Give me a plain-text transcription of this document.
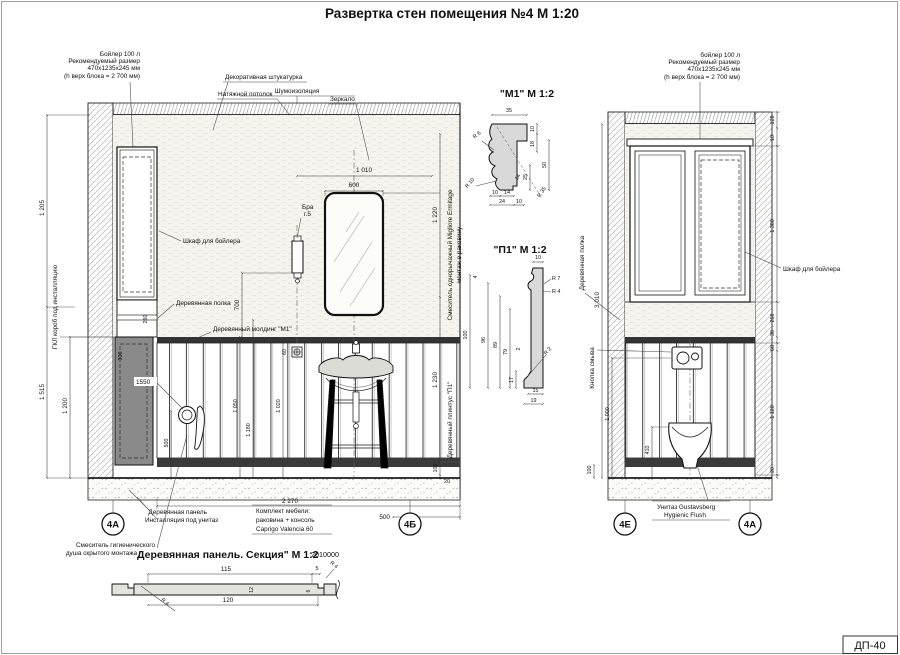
ДП-40
Развертка стен помещения №4 М 1:20
260
300	60
1 205
1 515
1 200
ГКЛ короб под инсталляцию
1 010
600
700
1 220
1 230
100
20
Смеситель однорычажный Migliore Ermitage монтаж в раковину
Деревянный плинтус "П1"
500
1 050
1 180
1 020
1550
2 270
500
Бойлер 100 л
Рекомендуемый размер
470х1235х245 мм
(h верх блока = 2 700 мм)
Шумоизоляция
Декоративная штукатурка
Натяжной потолок
Зеркало
Шкаф для бойлера
Деревянная полка
Деревянный молдинг "М1"
Бра
г.5
4А	4Б
Деревянная панель
Инсталляция под унитаз
Комплект мебели:
раковина + консоль
Caprigo Valencia 60
Смеситель гигиенического
душа скрытого монтажа
"М1" М 1:2
35
10
18
50
25
14
10 14
24 10
R 6
R 10
R 35
"П1" М 1:2
10
100
96
89
79
4
2
17
15
19
R 7
R 4
R 2
3 010
1 000
410
100
Деревянная полка
Кнопка смыва
120
10
1 380
260
30
60
1 120
20
бойлер 100 л
Рекомендуемый размер
470х1235х245 мм
(h верх блока = 2 700 мм)
Шкаф для бойлера
Унитаз Gustavsberg
Hygienic Flush
4Е	4А
Деревянная панель. Секция" М 1:2
2010000
115	5
120
12	6
R 4
R 4
